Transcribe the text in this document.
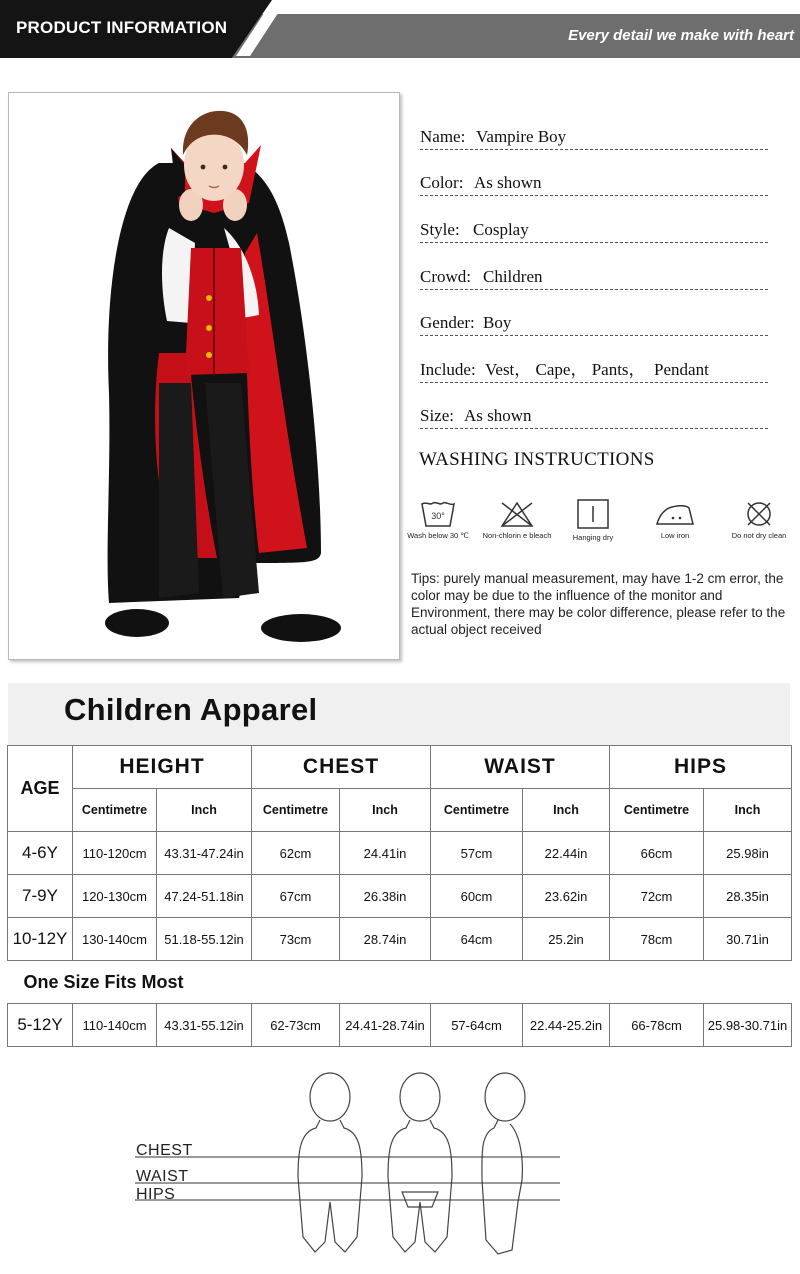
PRODUCT INFORMATION	Every detail we make with heart
Name: Vampire Boy
Color: As shown
Style: Cosplay
Crowd: Children
Gender: Boy
Include: Vest， Cape， Pants，  Pendant
Size: As shown
WASHING INSTRUCTIONS
30°
Wash below 30 ℃	Non-chlorin e bleach	Hanging dry	Low iron	Do not dry clean
Tips: purely manual measurement, may have 1-2 cm error, the color may be due to the influence of the monitor and Environment, there may be color difference, please refer to the actual object received
Children Apparel
AGE	HEIGHT		CHEST		WAIST		HIPS	
	Centimetre	Inch	Centimetre	Inch	Centimetre	Inch	Centimetre	Inch
4-6Y	110-120cm	43.31-47.24in	62cm	24.41in	57cm	22.44in	66cm	25.98in
7-9Y	120-130cm	47.24-51.18in	67cm	26.38in	60cm	23.62in	72cm	28.35in
10-12Y	130-140cm	51.18-55.12in	73cm	28.74in	64cm	25.2in	78cm	30.71in
One Size Fits Most								
5-12Y	110-140cm	43.31-55.12in	62-73cm	24.41-28.74in	57-64cm	22.44-25.2in	66-78cm	25.98-30.71in
CHEST
WAIST
HIPS
